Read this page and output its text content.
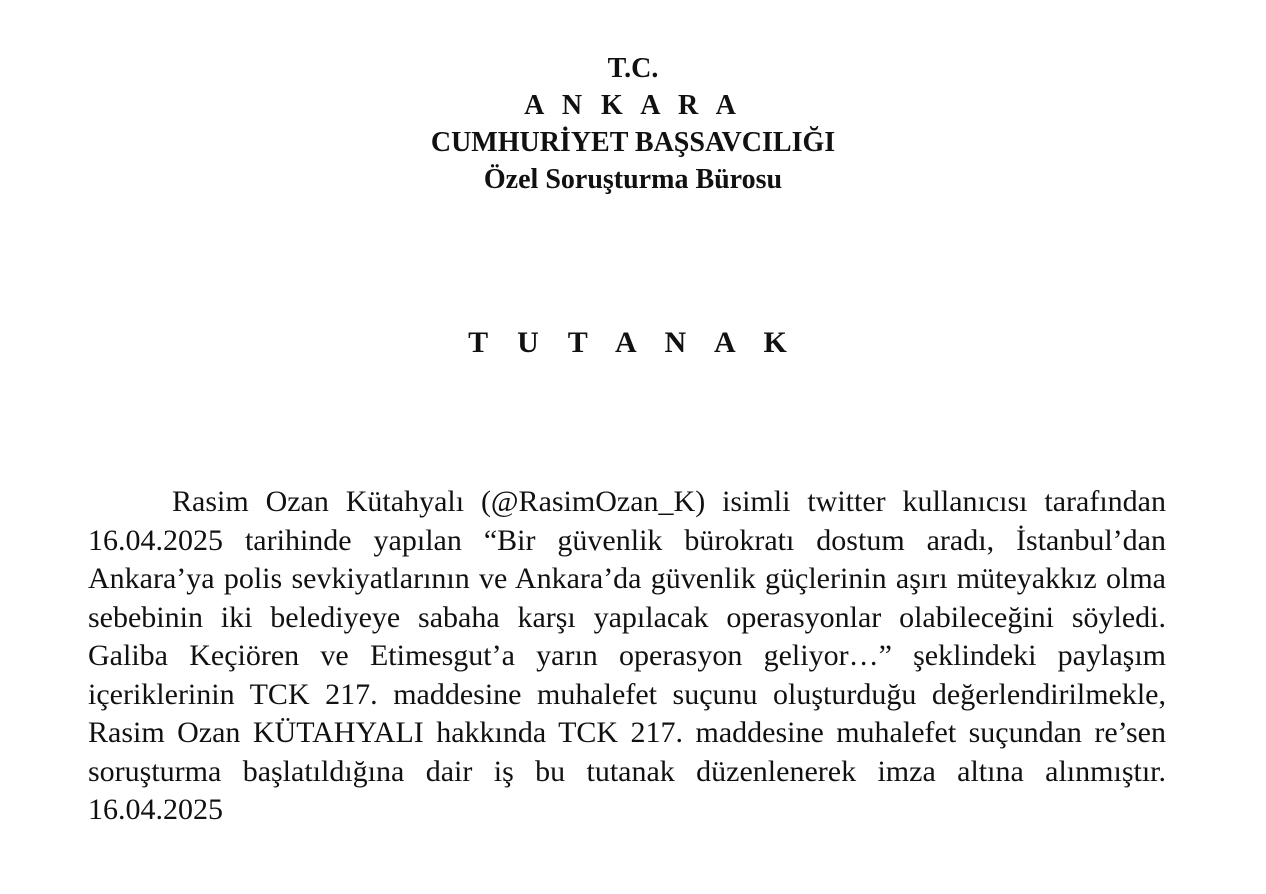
T.C.
A N K A R A
CUMHURİYET BAŞSAVCILIĞI
Özel Soruşturma Bürosu
T U T A N A K

Rasim Ozan Kütahyalı (@RasimOzan_K) isimli twitter kullanıcısı tarafından 16.04.2025 tarihinde yapılan “Bir güvenlik bürokratı dostum aradı, İstanbul’dan Ankara’ya polis sevkiyatlarının ve Ankara’da güvenlik güçlerinin aşırı müteyakkız olma sebebinin iki belediyeye sabaha karşı yapılacak operasyonlar olabileceğini söyledi. Galiba Keçiören ve Etimesgut’a yarın operasyon geliyor…” şeklindeki paylaşım içeriklerinin TCK 217. maddesine muhalefet suçunu oluşturduğu değerlendirilmekle, Rasim Ozan KÜTAHYALI hakkında TCK 217. maddesine muhalefet suçundan re’sen soruşturma başlatıldığına dair iş bu tutanak düzenlenerek imza altına alınmıştır. 16.04.2025
